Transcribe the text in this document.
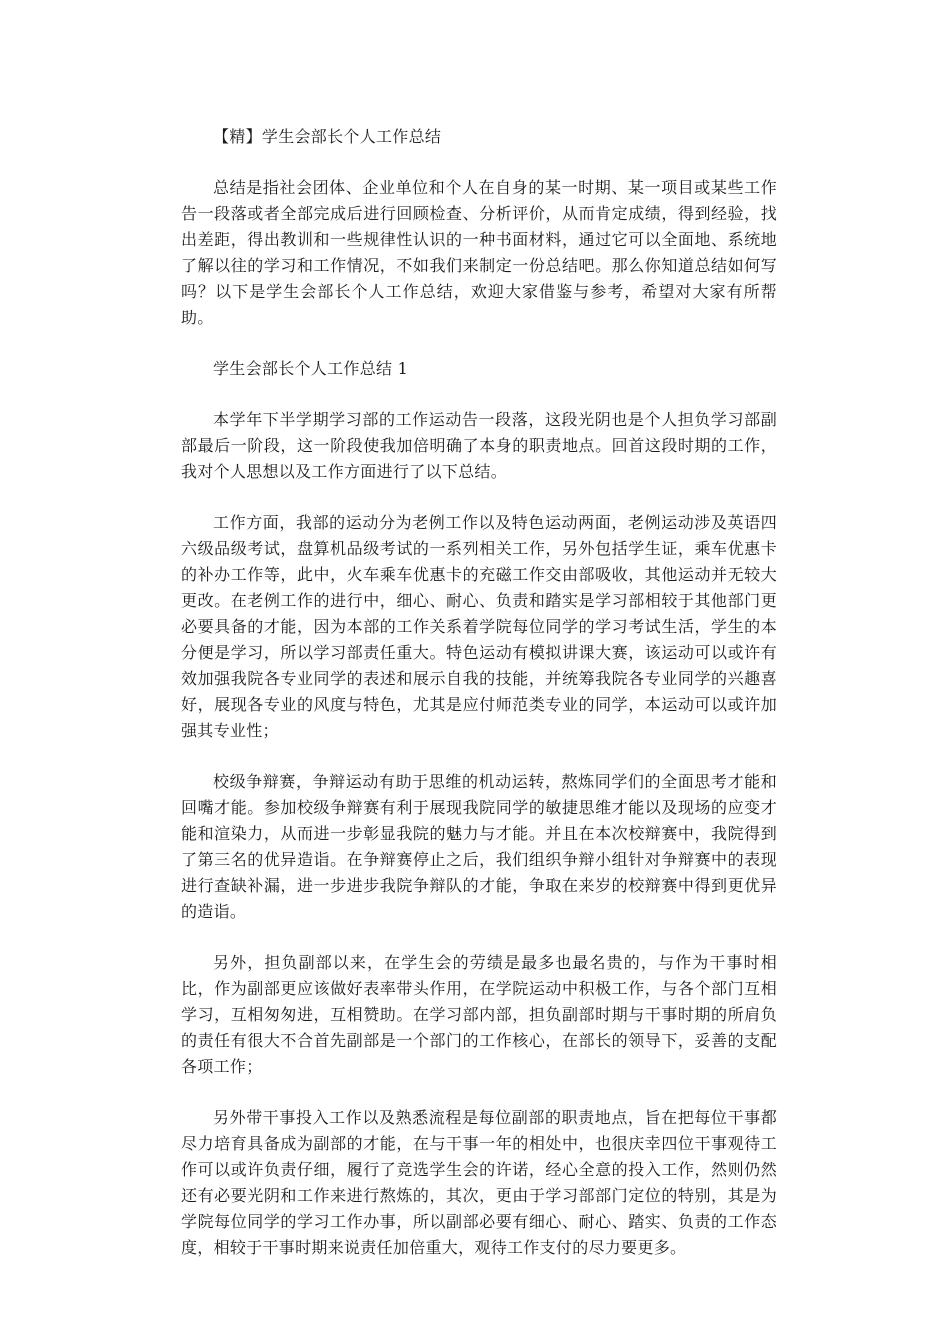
【精】学生会部长个人工作总结

总结是指社会团体、企业单位和个人在自身的某一时期、某一项目或某些工作告一段落或者全部完成后进行回顾检查、分析评价，从而肯定成绩，得到经验，找出差距，得出教训和一些规律性认识的一种书面材料，通过它可以全面地、系统地了解以往的学习和工作情况，不如我们来制定一份总结吧。那么你知道总结如何写吗？以下是学生会部长个人工作总结，欢迎大家借鉴与参考，希望对大家有所帮助。

学生会部长个人工作总结 1

本学年下半学期学习部的工作运动告一段落，这段光阴也是个人担负学习部副部最后一阶段，这一阶段使我加倍明确了本身的职责地点。回首这段时期的工作，我对个人思想以及工作方面进行了以下总结。

工作方面，我部的运动分为老例工作以及特色运动两面，老例运动涉及英语四六级品级考试，盘算机品级考试的一系列相关工作，另外包括学生证，乘车优惠卡的补办工作等，此中，火车乘车优惠卡的充磁工作交由部吸收，其他运动并无较大更改。在老例工作的进行中，细心、耐心、负责和踏实是学习部相较于其他部门更必要具备的才能，因为本部的工作关系着学院每位同学的学习考试生活，学生的本分便是学习，所以学习部责任重大。特色运动有模拟讲课大赛，该运动可以或许有效加强我院各专业同学的表述和展示自我的技能，并统筹我院各专业同学的兴趣喜好，展现各专业的风度与特色，尤其是应付师范类专业的同学，本运动可以或许加强其专业性；

校级争辩赛，争辩运动有助于思维的机动运转，熬炼同学们的全面思考才能和回嘴才能。参加校级争辩赛有利于展现我院同学的敏捷思维才能以及现场的应变才能和渲染力，从而进一步彰显我院的魅力与才能。并且在本次校辩赛中，我院得到了第三名的优异造诣。在争辩赛停止之后，我们组织争辩小组针对争辩赛中的表现进行查缺补漏，进一步进步我院争辩队的才能，争取在来岁的校辩赛中得到更优异的造诣。

另外，担负副部以来，在学生会的劳绩是最多也最名贵的，与作为干事时相比，作为副部更应该做好表率带头作用，在学院运动中积极工作，与各个部门互相学习，互相匆匆进，互相赞助。在学习部内部，担负副部时期与干事时期的所肩负的责任有很大不合首先副部是一个部门的工作核心，在部长的领导下，妥善的支配各项工作；

另外带干事投入工作以及熟悉流程是每位副部的职责地点，旨在把每位干事都尽力培育具备成为副部的才能，在与干事一年的相处中，也很庆幸四位干事观待工作可以或许负责仔细，履行了竞选学生会的许诺，经心全意的投入工作，然则仍然还有必要光阴和工作来进行熬炼的，其次，更由于学习部部门定位的特别，其是为学院每位同学的学习工作办事，所以副部必要有细心、耐心、踏实、负责的工作态度，相较于干事时期来说责任加倍重大，观待工作支付的尽力要更多。
